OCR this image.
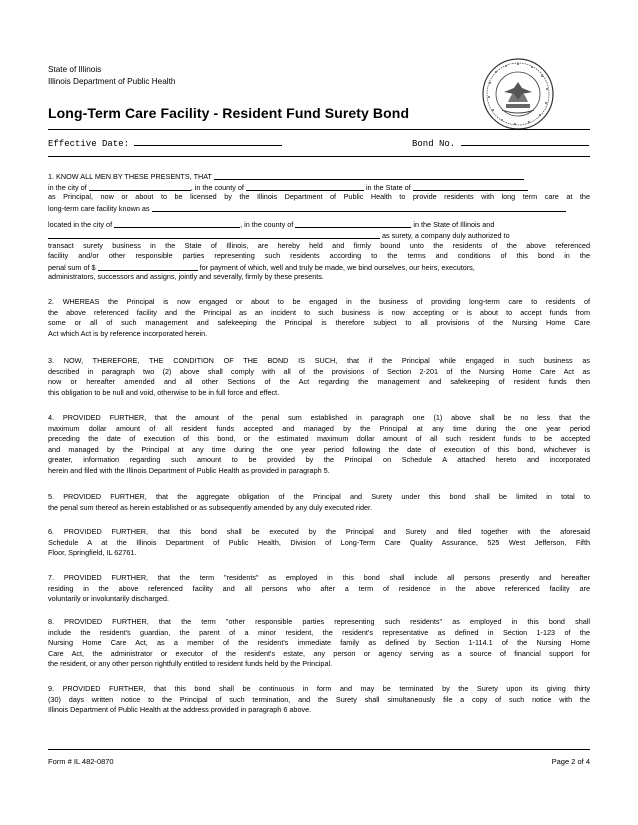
State of Illinois
Illinois Department of Public Health
Long-Term Care Facility - Resident Fund Surety Bond
Effective Date:	Bond No.
1. KNOW ALL MEN BY THESE PRESENTS, THAT
in the city of	, in the county of	in the State of
as Principal, now or about to be licensed by the Illinois Department of Public Health to provide residents with long term care at the
long-term care facility known as
located in the city of	, in the county of	in the State of Illinois and
as surety, a company duly authorized to
transact surety business in the State of Illinois, are hereby held and firmly bound unto the residents of the above referenced
facility and/or other responsible parties representing such residents according to the terms and conditions of this bond in the
penal sum of $	for payment of which, well and truly be made, we bind ourselves, our heirs, executors,
administrators, successors and assigns, jointly and severally, firmly by these presents.
2. WHEREAS the Principal is now engaged or about to be engaged in the business of providing long-term care to residents of
the above referenced facility and the Principal as an incident to such business is now accepting or is about to accept funds from
some or all of such management and safekeeping the Principal is therefore subject to all provisions of the Nursing Home Care
Act which Act is by reference incorporated herein.
3. NOW, THEREFORE, THE CONDITION OF THE BOND IS SUCH, that if the Principal while engaged in such business as
described in paragraph two (2) above shall comply with all of the provisions of Section 2-201 of the Nursing Home Care Act as
now or hereafter amended and all other Sections of the Act regarding the management and safekeeping of resident funds then
this obligation to be null and void, otherwise to be in full force and effect.
4. PROVIDED FURTHER, that the amount of the penal sum established in paragraph one (1) above shall be no less that the
maximum dollar amount of all resident funds accepted and managed by the Principal at any time during the one year period
preceding the date of execution of this bond, or the estimated maximum dollar amount of all such resident funds to be accepted
and managed by the Principal at any time during the one year period following the date of execution of this bond, whichever is
greater, information regarding such amount to be provided by the Principal on Schedule A attached hereto and incorporated
herein and filed with the Illinois Department of Public Health as provided in paragraph 5.
5. PROVIDED FURTHER, that the aggregate obligation of the Principal and Surety under this bond shall be limited in total to
the penal sum thereof as herein established or as subsequently amended by any duly executed rider.
6. PROVIDED FURTHER, that this bond shall be executed by the Principal and Surety and filed together with the aforesaid
Schedule A at the Illinois Department of Public Health, Division of Long-Term Care Quality Assurance, 525 West Jefferson, Fifth
Floor, Springfield, IL 62761.
7. PROVIDED FURTHER, that the term "residents" as employed in this bond shall include all persons presently and hereafter
residing in the above referenced facility and all persons who after a term of residence in the above referenced facility are
voluntarily or involuntarily discharged.
8. PROVIDED FURTHER, that the term "other responsible parties representing such residents" as employed in this bond shall
include the resident's guardian, the parent of a minor resident, the resident's representative as defined in Section 1-123 of the
Nursing Home Care Act, as a member of the resident's immediate family as defined by Section 1-114.1 of the Nursing Home
Care Act, the administrator or executor of the resident's estate, any person or agency serving as a source of financial support for
the resident, or any other person rightfully entitled to resident funds held by the Principal.
9. PROVIDED FURTHER, that this bond shall be continuous in form and may be terminated by the Surety upon its giving thirty
(30) days written notice to the Principal of such termination, and the Surety shall simultaneously file a copy of such notice with the
Illinois Department of Public Health at the address provided in paragraph 6 above.
Form # IL 482-0870	Page 2 of 4
